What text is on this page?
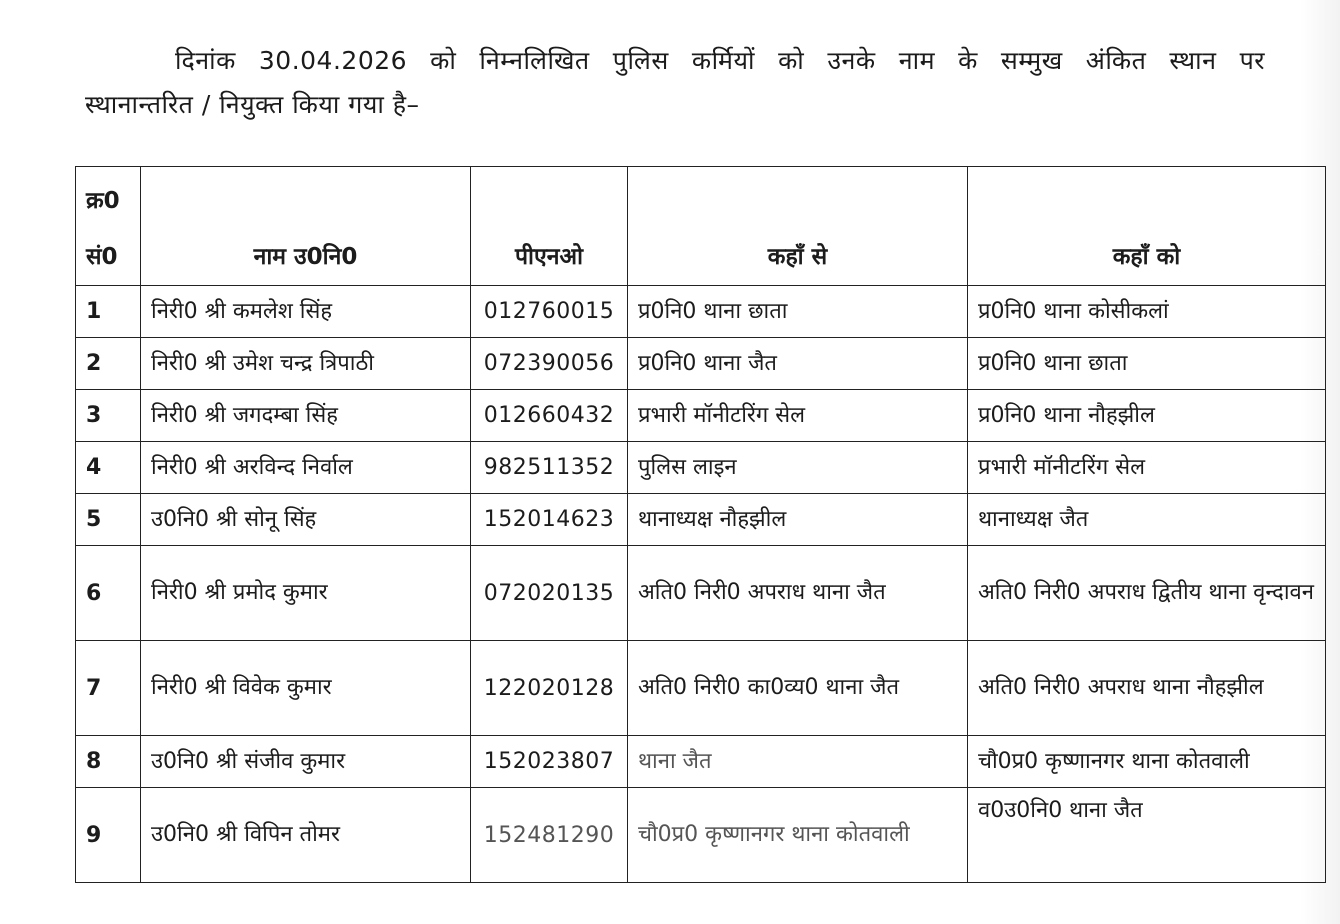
दिनांक 30.04.2026 को निम्नलिखित पुलिस कर्मियों को उनके नाम के सम्मुख अंकित स्थान पर
स्थानान्तरित / नियुक्त किया गया है–
क्र0
सं0	नाम उ0नि0	पीएनओ	कहाँ से	कहाँ को
1	निरी0 श्री कमलेश सिंह	012760015	प्र0नि0 थाना छाता	प्र0नि0 थाना कोसीकलां
2	निरी0 श्री उमेश चन्द्र त्रिपाठी	072390056	प्र0नि0 थाना जैत	प्र0नि0 थाना छाता
3	निरी0 श्री जगदम्बा सिंह	012660432	प्रभारी मॉनीटरिंग सेल	प्र0नि0 थाना नौहझील
4	निरी0 श्री अरविन्द निर्वाल	982511352	पुलिस लाइन	प्रभारी मॉनीटरिंग सेल
5	उ0नि0 श्री सोनू सिंह	152014623	थानाध्यक्ष नौहझील	थानाध्यक्ष जैत
6	निरी0 श्री प्रमोद कुमार	072020135	अति0 निरी0 अपराध थाना जैत	अति0 निरी0 अपराध द्वितीय थाना वृन्दावन
7	निरी0 श्री विवेक कुमार	122020128	अति0 निरी0 का0व्य0 थाना जैत	अति0 निरी0 अपराध थाना नौहझील
8	उ0नि0 श्री संजीव कुमार	152023807	थाना जैत	चौ0प्र0 कृष्णानगर थाना कोतवाली
9	उ0नि0 श्री विपिन तोमर	152481290	चौ0प्र0 कृष्णानगर थाना कोतवाली	व0उ0नि0 थाना जैत
